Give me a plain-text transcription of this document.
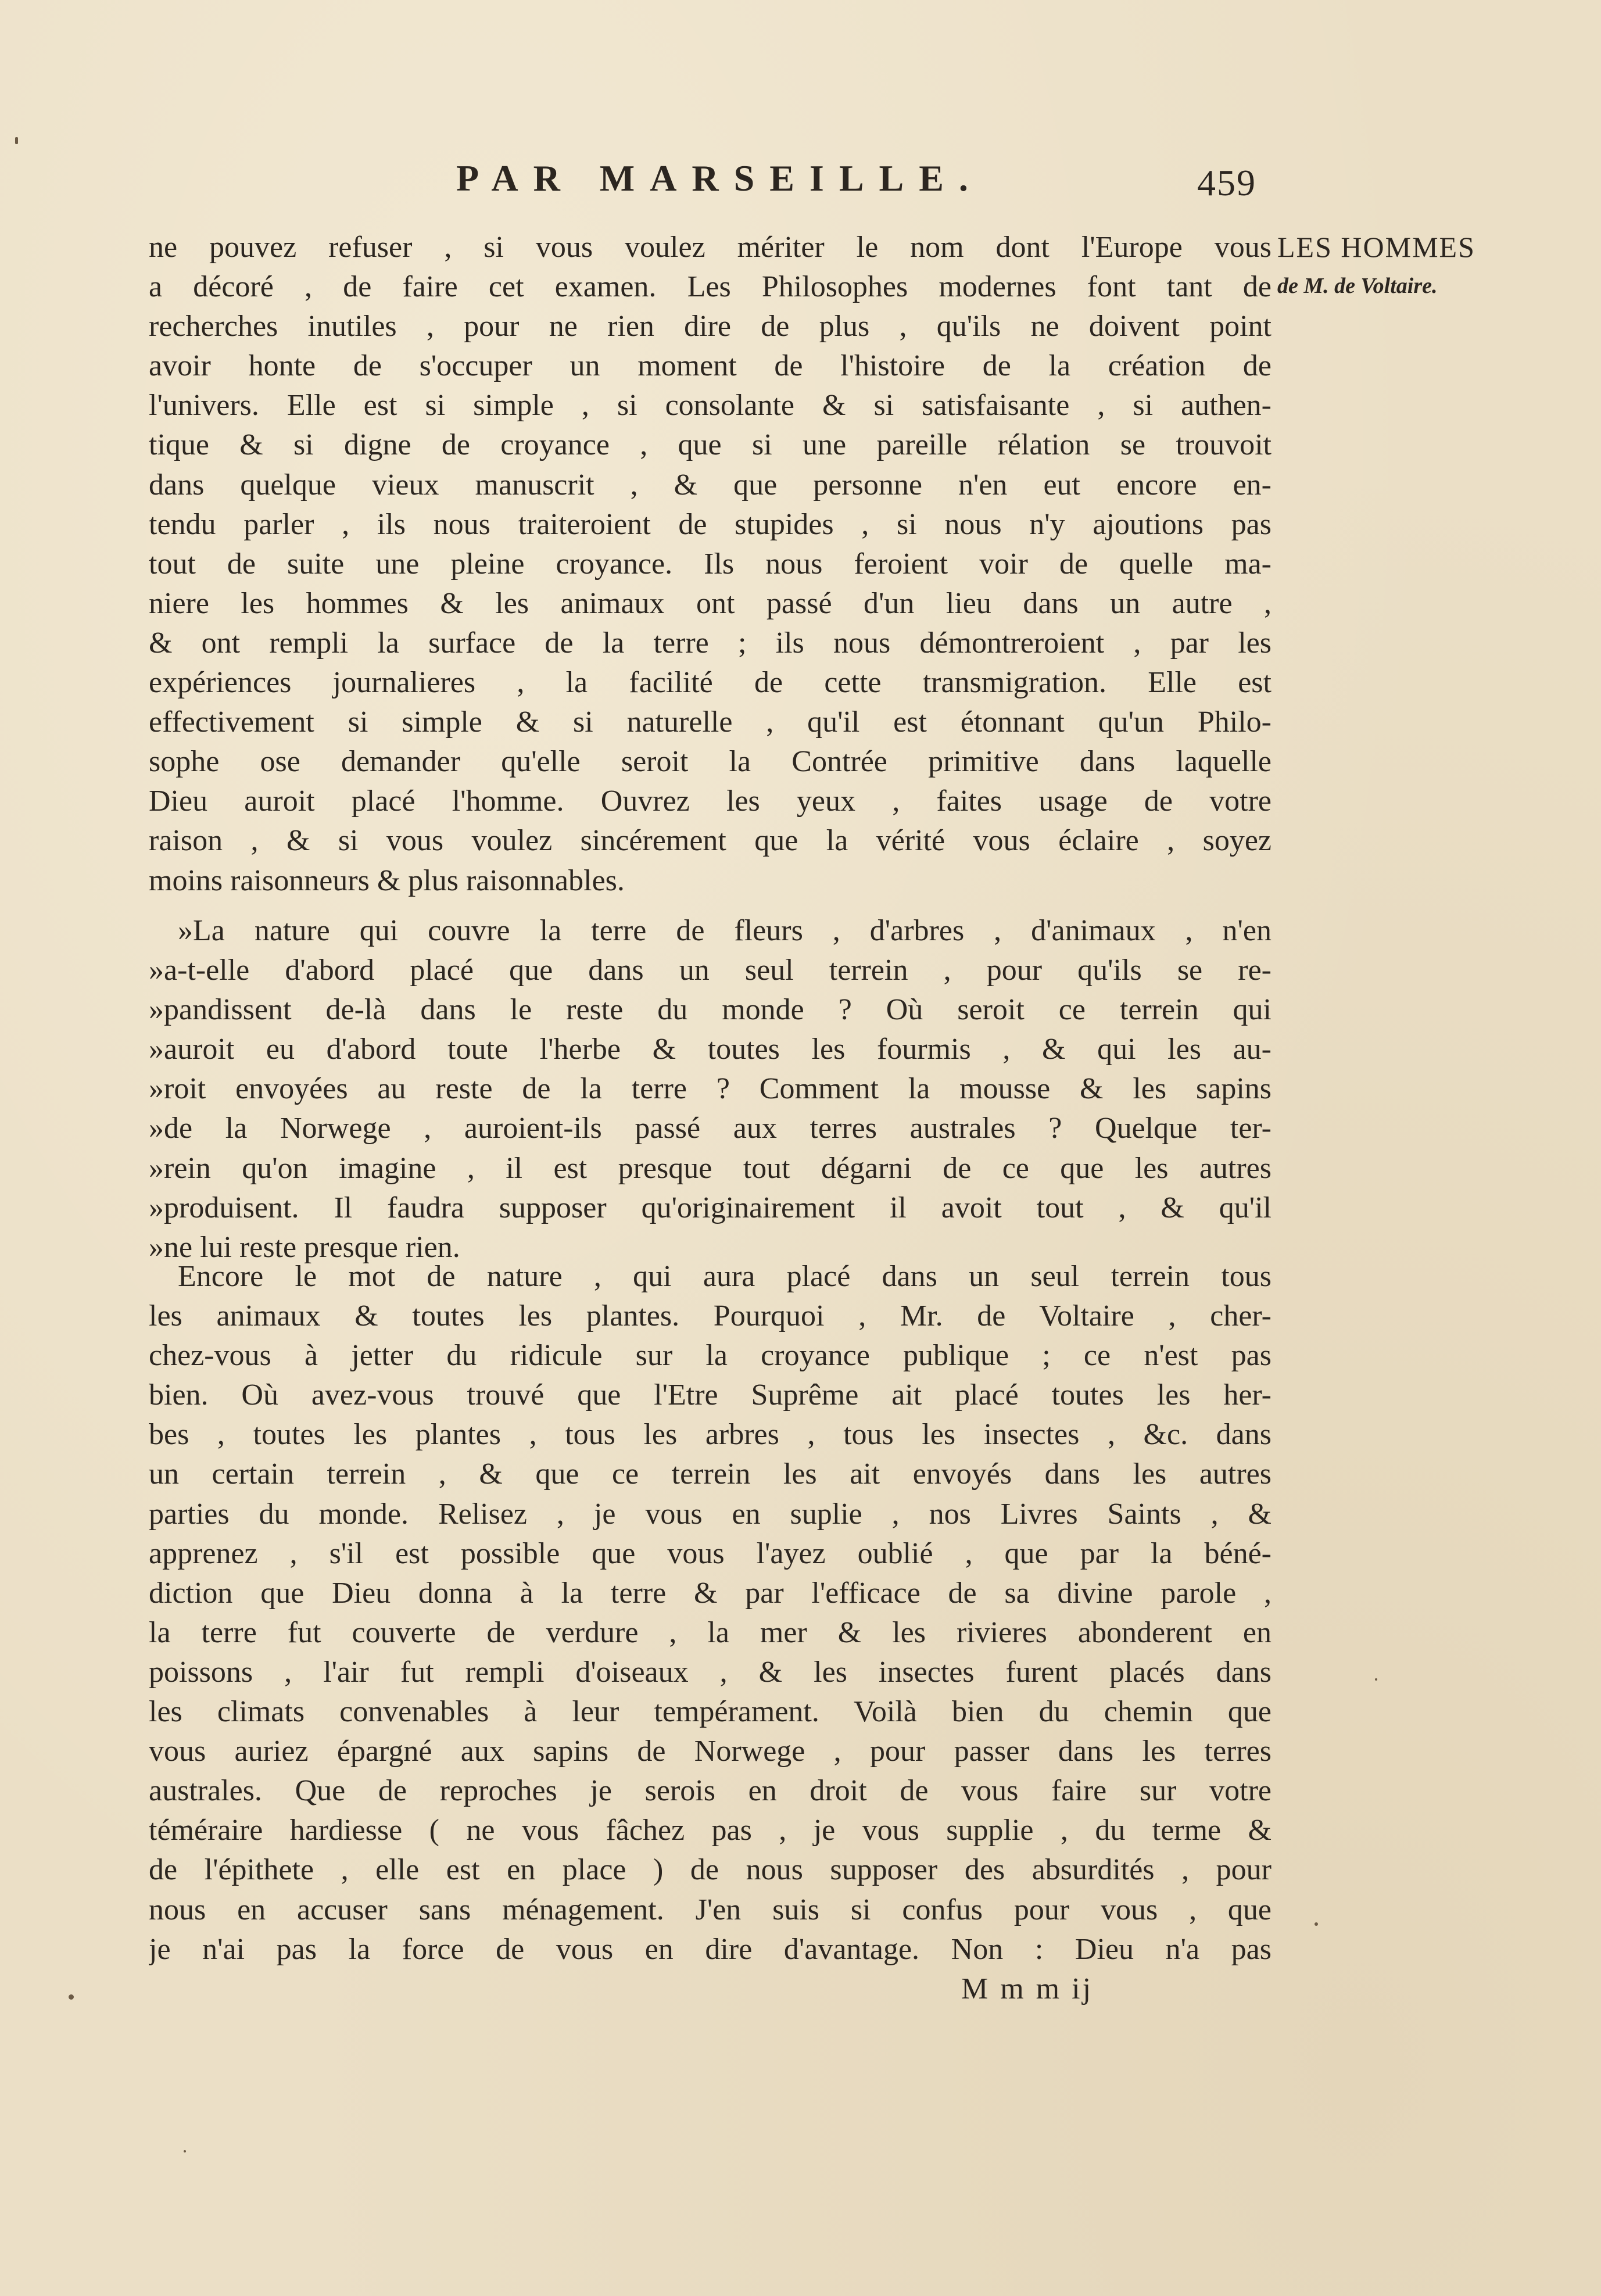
PAR MARSEILLE.	459
LES HOMMES
de M. de Voltaire.
ne pouvez refuser , si vous voulez mériter le nom dont l'Europe vous
a décoré , de faire cet examen. Les Philosophes modernes font tant de
recherches inutiles , pour ne rien dire de plus , qu'ils ne doivent point
avoir honte de s'occuper un moment de l'histoire de la création de
l'univers. Elle est si simple , si consolante & si satisfaisante , si authen-
tique & si digne de croyance , que si une pareille rélation se trouvoit
dans quelque vieux manuscrit , & que personne n'en eut encore en-
tendu parler , ils nous traiteroient de stupides , si nous n'y ajoutions pas
tout de suite une pleine croyance. Ils nous feroient voir de quelle ma-
niere les hommes & les animaux ont passé d'un lieu dans un autre ,
& ont rempli la surface de la terre ; ils nous démontreroient , par les
expériences journalieres , la facilité de cette transmigration. Elle est
effectivement si simple & si naturelle , qu'il est étonnant qu'un Philo-
sophe ose demander qu'elle seroit la Contrée primitive dans laquelle
Dieu auroit placé l'homme. Ouvrez les yeux , faites usage de votre
raison , & si vous voulez sincérement que la vérité vous éclaire , soyez
moins raisonneurs & plus raisonnables.
»La nature qui couvre la terre de fleurs , d'arbres , d'animaux , n'en
»a-t-elle d'abord placé que dans un seul terrein , pour qu'ils se re-
»pandissent de-là dans le reste du monde ? Où seroit ce terrein qui
»auroit eu d'abord toute l'herbe & toutes les fourmis , & qui les au-
»roit envoyées au reste de la terre ? Comment la mousse & les sapins
»de la Norwege , auroient-ils passé aux terres australes ? Quelque ter-
»rein qu'on imagine , il est presque tout dégarni de ce que les autres
»produisent. Il faudra supposer qu'originairement il avoit tout , & qu'il
»ne lui reste presque rien.
Encore le mot de nature , qui aura placé dans un seul terrein tous
les animaux & toutes les plantes. Pourquoi , Mr. de Voltaire , cher-
chez-vous à jetter du ridicule sur la croyance publique ; ce n'est pas
bien. Où avez-vous trouvé que l'Etre Suprême ait placé toutes les her-
bes , toutes les plantes , tous les arbres , tous les insectes , &c. dans
un certain terrein , & que ce terrein les ait envoyés dans les autres
parties du monde. Relisez , je vous en suplie , nos Livres Saints , &
apprenez , s'il est possible que vous l'ayez oublié , que par la béné-
diction que Dieu donna à la terre & par l'efficace de sa divine parole ,
la terre fut couverte de verdure , la mer & les rivieres abonderent en
poissons , l'air fut rempli d'oiseaux , & les insectes furent placés dans
les climats convenables à leur tempérament. Voilà bien du chemin que
vous auriez épargné aux sapins de Norwege , pour passer dans les terres
australes. Que de reproches je serois en droit de vous faire sur votre
téméraire hardiesse ( ne vous fâchez pas , je vous supplie , du terme &
de l'épithete , elle est en place ) de nous supposer des absurdités , pour
nous en accuser sans ménagement. J'en suis si confus pour vous , que
je n'ai pas la force de vous en dire d'avantage. Non : Dieu n'a pas
M m m ij
